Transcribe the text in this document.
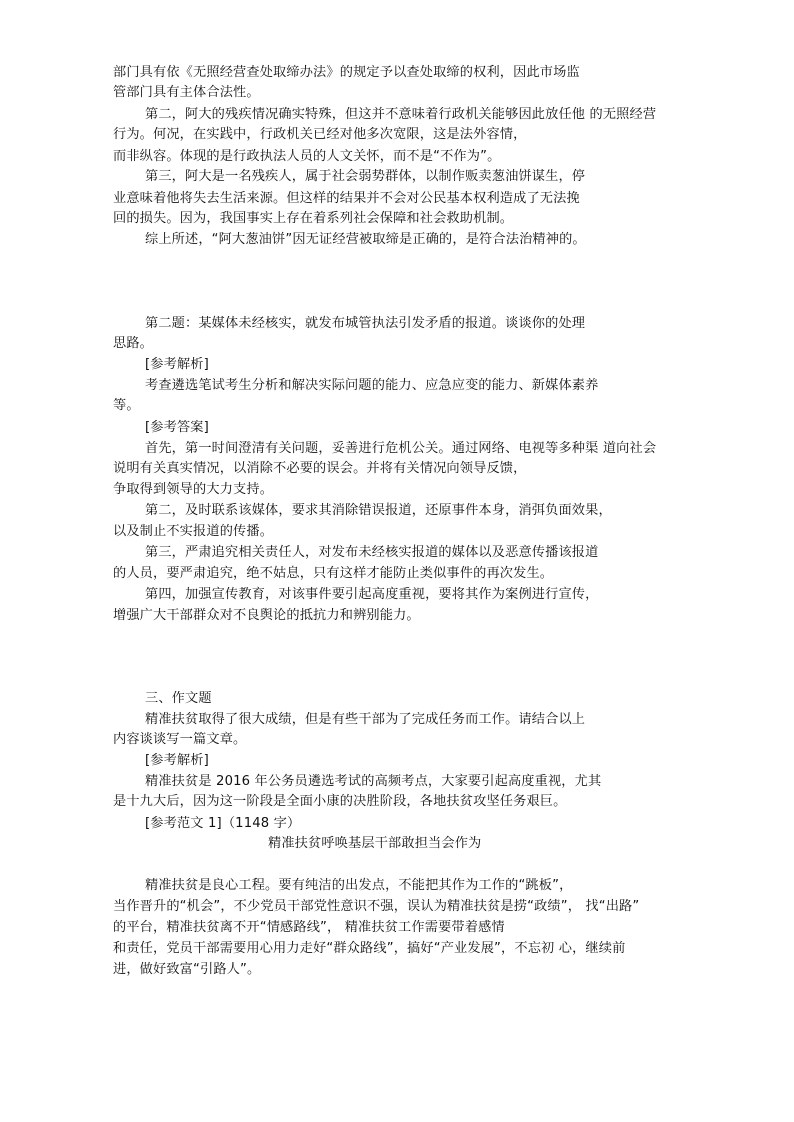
部门具有依《无照经营查处取缔办法》的规定予以查处取缔的权利，因此市场监
管部门具有主体合法性。
第二，阿大的残疾情况确实特殊，但这并不意味着行政机关能够因此放任他 的无照经营
行为。何况，在实践中，行政机关已经对他多次宽限，这是法外容情，
而非纵容。体现的是行政执法人员的人文关怀，而不是“不作为”。
第三，阿大是一名残疾人，属于社会弱势群体，以制作贩卖葱油饼谋生，停
业意味着他将失去生活来源。但这样的结果并不会对公民基本权利造成了无法挽
回的损失。因为，我国事实上存在着系列社会保障和社会救助机制。
综上所述，“阿大葱油饼”因无证经营被取缔是正确的，是符合法治精神的。
第二题：某媒体未经核实，就发布城管执法引发矛盾的报道。谈谈你的处理
思路。
[参考解析]
考查遴选笔试考生分析和解决实际问题的能力、应急应变的能力、新媒体素养
等。
[参考答案]
首先，第一时间澄清有关问题，妥善进行危机公关。通过网络、电视等多种渠 道向社会
说明有关真实情况，以消除不必要的误会。并将有关情况向领导反馈，
争取得到领导的大力支持。
第二，及时联系该媒体，要求其消除错误报道，还原事件本身，消弭负面效果，
以及制止不实报道的传播。
第三，严肃追究相关责任人，对发布未经核实报道的媒体以及恶意传播该报道
的人员，要严肃追究，绝不姑息，只有这样才能防止类似事件的再次发生。
第四，加强宣传教育，对该事件要引起高度重视，要将其作为案例进行宣传，
增强广大干部群众对不良舆论的抵抗力和辨别能力。
三、作文题
精准扶贫取得了很大成绩，但是有些干部为了完成任务而工作。请结合以上
内容谈谈写一篇文章。
[参考解析]
精准扶贫是 2016 年公务员遴选考试的高频考点，大家要引起高度重视，尤其
是十九大后，因为这一阶段是全面小康的决胜阶段，各地扶贫攻坚任务艰巨。
[参考范文 1]（1148 字）
精准扶贫呼唤基层干部敢担当会作为
精准扶贫是良心工程。要有纯洁的出发点，不能把其作为工作的“跳板”，
当作晋升的“机会”，不少党员干部党性意识不强，误认为精准扶贫是捞“政绩”， 找“出路”
的平台，精准扶贫离不开“情感路线”， 精准扶贫工作需要带着感情
和责任，党员干部需要用心用力走好“群众路线”，搞好“产业发展”，不忘初 心，继续前
进，做好致富“引路人”。
